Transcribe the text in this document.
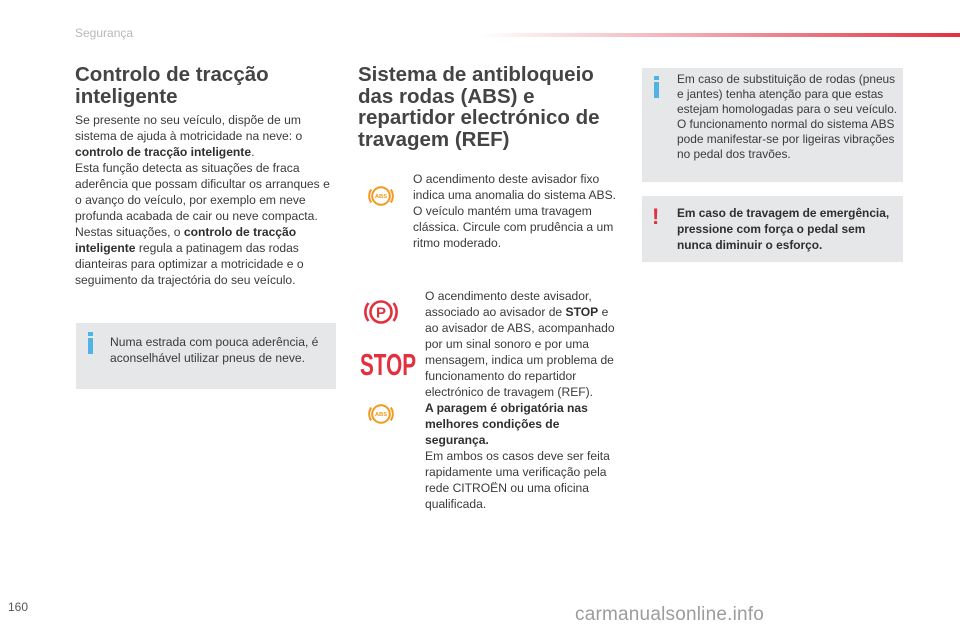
Segurança
Controlo de tracção inteligente
Se presente no seu veículo, dispõe de um sistema de ajuda à motricidade na neve: o controlo de tracção inteligente.
Esta função detecta as situações de fraca aderência que possam dificultar os arranques e o avanço do veículo, por exemplo em neve profunda acabada de cair ou neve compacta.
Nestas situações, o controlo de tracção inteligente regula a patinagem das rodas dianteiras para optimizar a motricidade e o seguimento da trajectória do seu veículo.
Numa estrada com pouca aderência, é aconselhável utilizar pneus de neve.
Sistema de antibloqueio das rodas (ABS) e repartidor electrónico de travagem (REF)
ABS
O acendimento deste avisador fixo indica uma anomalia do sistema ABS.
O veículo mantém uma travagem clássica. Circule com prudência a um ritmo moderado.
P
STOP
ABS
O acendimento deste avisador, associado ao avisador de STOP e ao avisador de ABS, acompanhado por um sinal sonoro e por uma mensagem, indica um problema de funcionamento do repartidor electrónico de travagem (REF).
A paragem é obrigatória nas melhores condições de segurança.
Em ambos os casos deve ser feita rapidamente uma verificação pela rede CITROËN ou uma oficina qualificada.
Em caso de substituição de rodas (pneus e jantes) tenha atenção para que estas estejam homologadas para o seu veículo.
O funcionamento normal do sistema ABS pode manifestar-se por ligeiras vibrações no pedal dos travões.
! Em caso de travagem de emergência, pressione com força o pedal sem nunca diminuir o esforço.
160	carmanualsonline.info
